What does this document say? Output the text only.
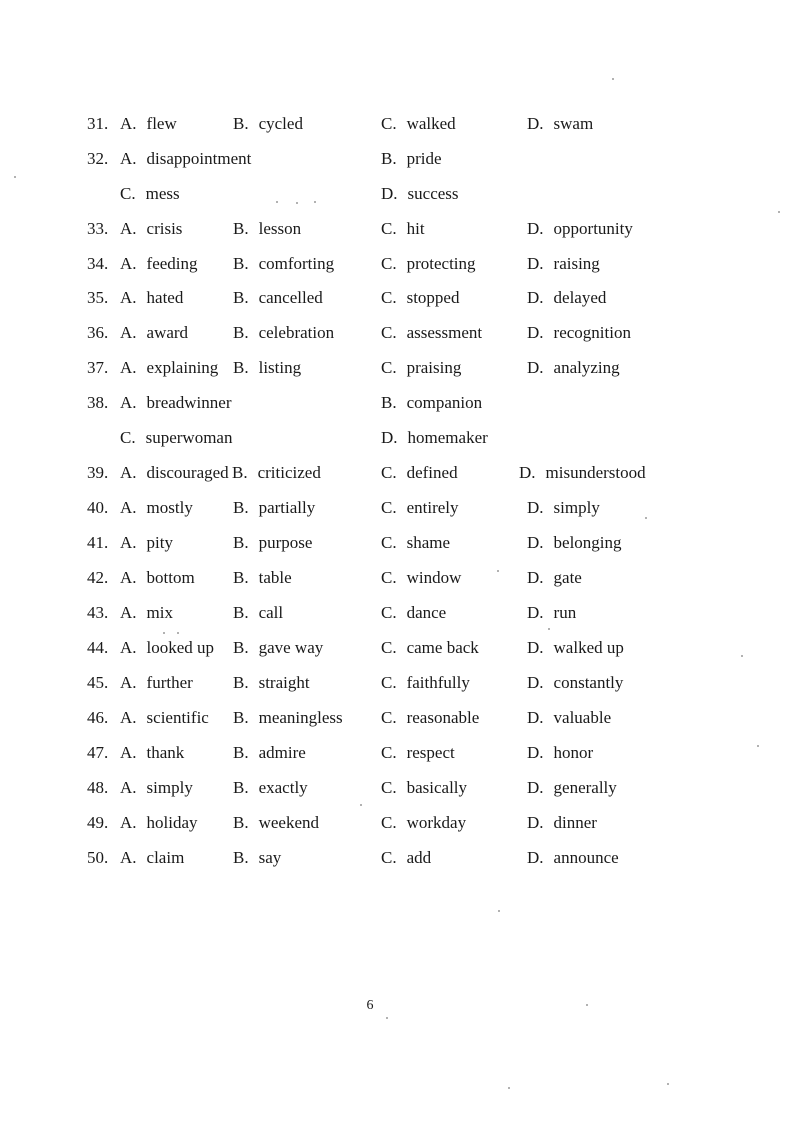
31. A. flew	B. cycled	C. walked	D. swam
32. A. disappointment	B. pride
C. mess	D. success
33. A. crisis	B. lesson	C. hit	D. opportunity
34. A. feeding B. comforting	C. protecting	D. raising
35. A. hated	B. cancelled	C. stopped	D. delayed
36. A. award	B. celebration	C. assessment	D. recognition
37. A. explaining B. listing	C. praising	D. analyzing
38. A. breadwinner	B. companion
C. superwoman	D. homemaker
39. A. discouraged B. criticized	C. defined	D. misunderstood
40. A. mostly B. partially	C. entirely	D. simply
41. A. pity	B. purpose	C. shame	D. belonging
42. A. bottom B. table	C. window	D. gate
43. A. mix	B. call	C. dance	D. run
44. A. looked up B. gave way	C. came back	D. walked up
45. A. further B. straight	C. faithfully	D. constantly
46. A. scientific B. meaningless C. reasonable	D. valuable
47. A. thank	B. admire	C. respect	D. honor
48. A. simply B. exactly	C. basically	D. generally
49. A. holiday B. weekend	C. workday	D. dinner
50. A. claim	B. say	C. add	D. announce
6
